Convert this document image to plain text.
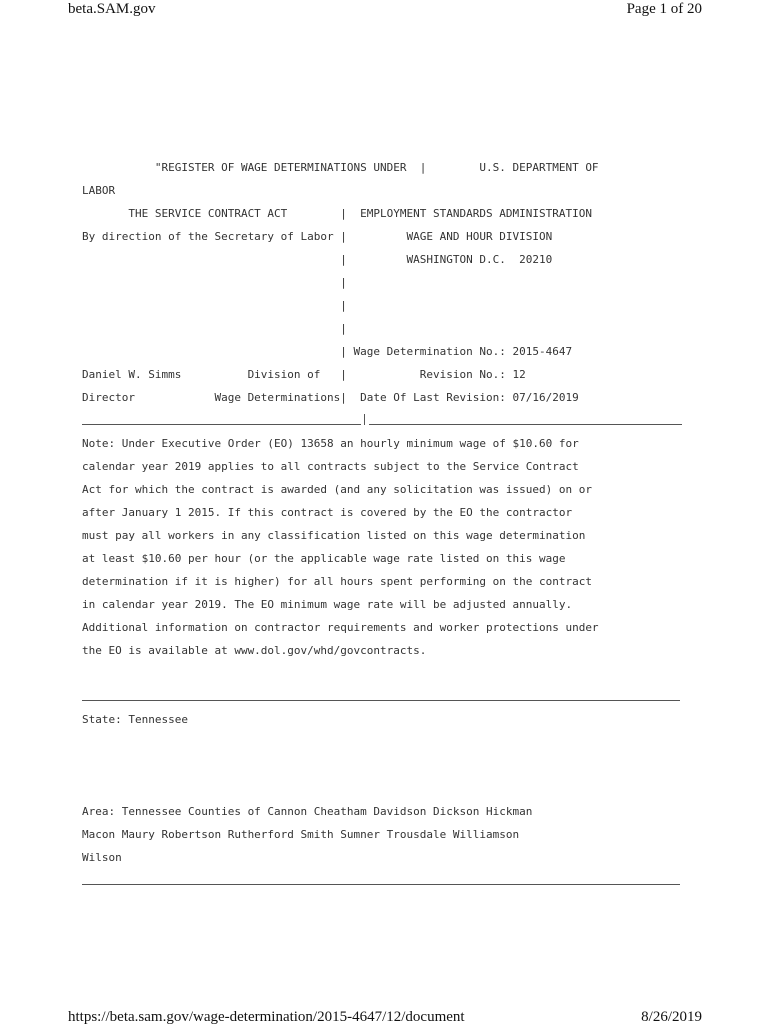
beta.SAM.gov	Page 1 of 20
"REGISTER OF WAGE DETERMINATIONS UNDER  |        U.S. DEPARTMENT OF
LABOR
THE SERVICE CONTRACT ACT        |  EMPLOYMENT STANDARDS ADMINISTRATION
By direction of the Secretary of Labor |         WAGE AND HOUR DIVISION
|         WASHINGTON D.C.  20210
|
|
|
| Wage Determination No.: 2015-4647
Daniel W. Simms          Division of   |           Revision No.: 12
Director            Wage Determinations|  Date Of Last Revision: 07/16/2019
Note: Under Executive Order (EO) 13658 an hourly minimum wage of $10.60 for
calendar year 2019 applies to all contracts subject to the Service Contract
Act for which the contract is awarded (and any solicitation was issued) on or
after January 1 2015. If this contract is covered by the EO the contractor
must pay all workers in any classification listed on this wage determination
at least $10.60 per hour (or the applicable wage rate listed on this wage
determination if it is higher) for all hours spent performing on the contract
in calendar year 2019. The EO minimum wage rate will be adjusted annually.
Additional information on contractor requirements and worker protections under
the EO is available at www.dol.gov/whd/govcontracts.
State: Tennessee
Area: Tennessee Counties of Cannon Cheatham Davidson Dickson Hickman
Macon Maury Robertson Rutherford Smith Sumner Trousdale Williamson
Wilson
https://beta.sam.gov/wage-determination/2015-4647/12/document	8/26/2019
